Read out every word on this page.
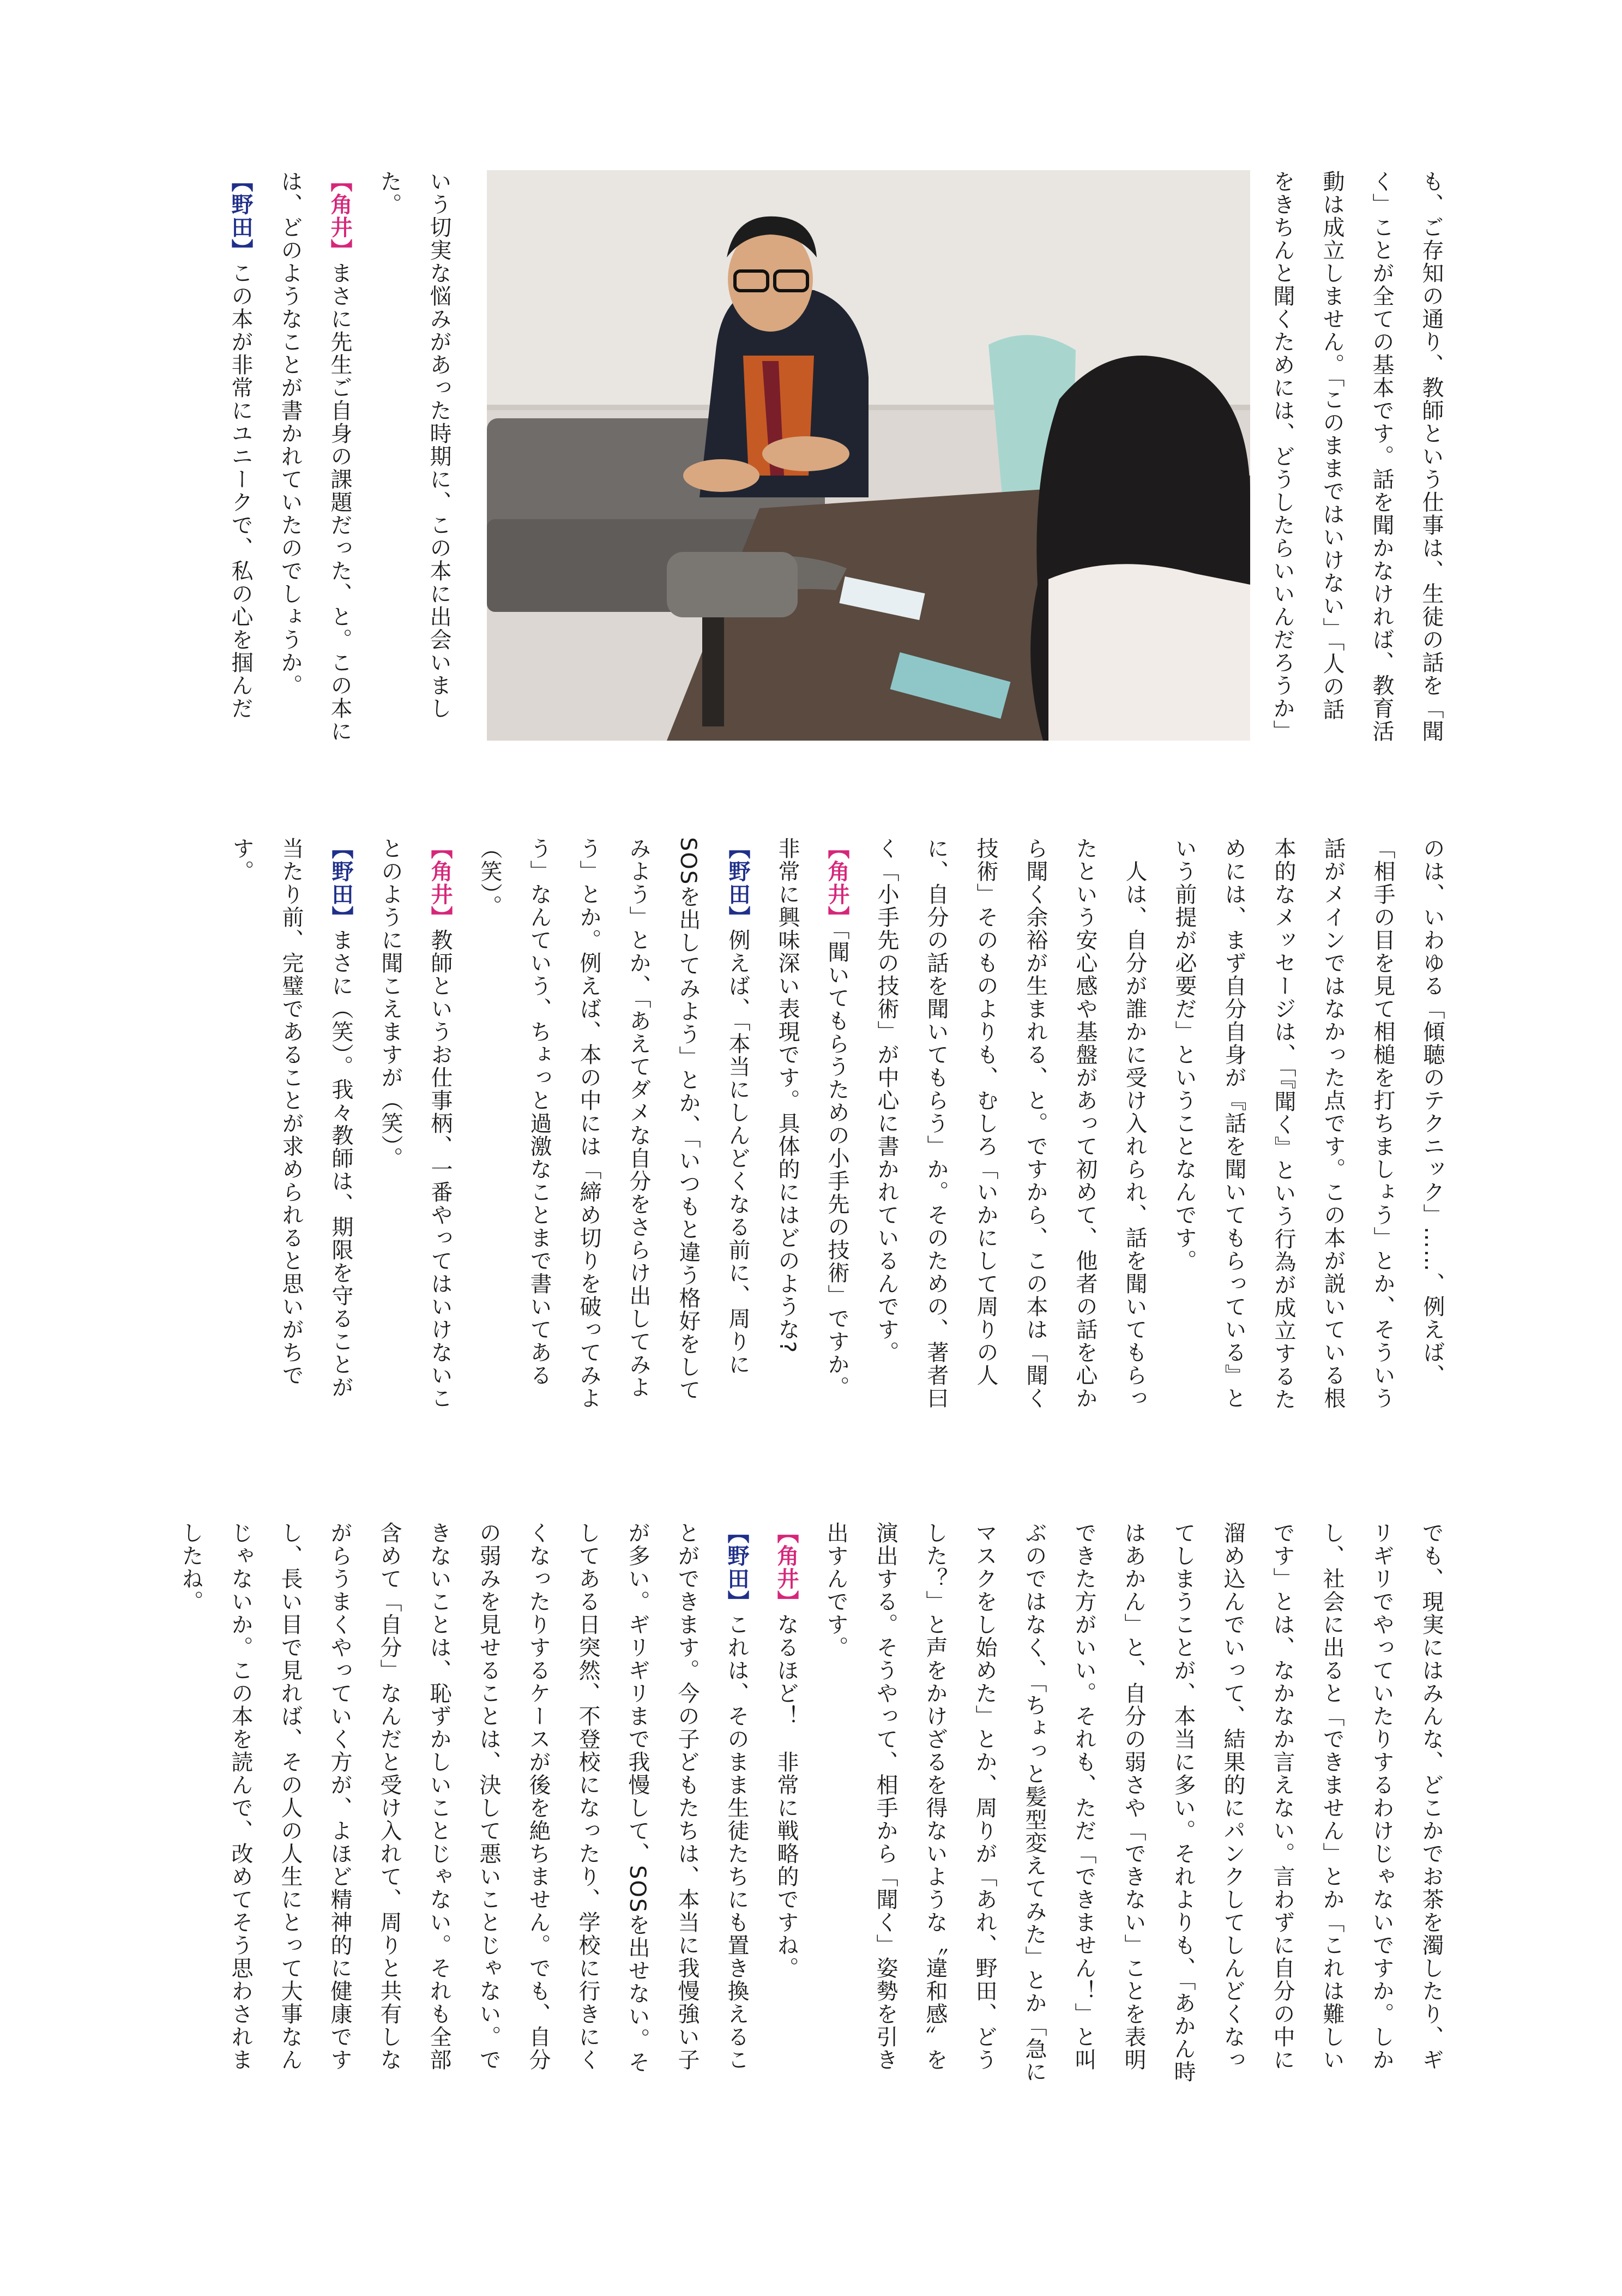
も、ご存知の通り、教師という仕事は、生徒の話を「聞く」ことが全ての基本です。話を聞かなければ、教育活動は成立しません。「このままではいけない」「人の話をきちんと聞くためには、どうしたらいいんだろうか」　

いう切実な悩みがあった時期に、この本に出会いました。

【角井】まさに先生ご自身の課題だった、と。この本には、どのようなことが書かれていたのでしょうか。

【野田】この本が非常にユニークで、私の心を掴んだ

のは、いわゆる「傾聴のテクニック」……、例えば、「相手の目を見て相槌を打ちましょう」とか、そういう話がメインではなかった点です。この本が説いている根本的なメッセージは、「『聞く』という行為が成立するためには、まず自分自身が『話を聞いてもらっている』という前提が必要だ」ということなんです。

　人は、自分が誰かに受け入れられ、話を聞いてもらったという安心感や基盤があって初めて、他者の話を心から聞く余裕が生まれる、と。ですから、この本は「聞く技術」そのものよりも、むしろ「いかにして周りの人に、自分の話を聞いてもらう」か。そのための、著者曰く「小手先の技術」が中心に書かれているんです。

【角井】「聞いてもらうための小手先の技術」ですか。非常に興味深い表現です。具体的にはどのような?

【野田】例えば、「本当にしんどくなる前に、周りにSOSを出してみよう」とか、「いつもと違う格好をしてみよう」とか、「あえてダメな自分をさらけ出してみよう」とか。例えば、本の中には「締め切りを破ってみよう」なんていう、ちょっと過激なことまで書いてある（笑）。

【角井】教師というお仕事柄、一番やってはいけないことのように聞こえますが（笑）。

【野田】まさに（笑）。我々教師は、期限を守ることが当たり前、完璧であることが求められると思いがちです。

でも、現実にはみんな、どこかでお茶を濁したり、ギリギリでやっていたりするわけじゃないですか。しかし、社会に出ると「できません」とか「これは難しいです」とは、なかなか言えない。言わずに自分の中に溜め込んでいって、結果的にパンクしてしんどくなってしまうことが、本当に多い。それよりも、「あかん時はあかん」と、自分の弱さや「できない」ことを表明できた方がいい。それも、ただ「できません！」と叫ぶのではなく、「ちょっと髪型変えてみた」とか「急にマスクをし始めた」とか、周りが「あれ、野田、どうした？」と声をかけざるを得ないような〝違和感〟を演出する。そうやって、相手から「聞く」姿勢を引き出すんです。

【角井】なるほど！　非常に戦略的ですね。

【野田】これは、そのまま生徒たちにも置き換えることができます。今の子どもたちは、本当に我慢強い子が多い。ギリギリまで我慢して、SOSを出せない。そしてある日突然、不登校になったり、学校に行きにくくなったりするケースが後を絶ちません。でも、自分の弱みを見せることは、決して悪いことじゃない。できないことは、恥ずかしいことじゃない。それも全部含めて「自分」なんだと受け入れて、周りと共有しながらうまくやっていく方が、よほど精神的に健康ですし、長い目で見れば、その人の人生にとって大事なんじゃないか。この本を読んで、改めてそう思わされましたね。
